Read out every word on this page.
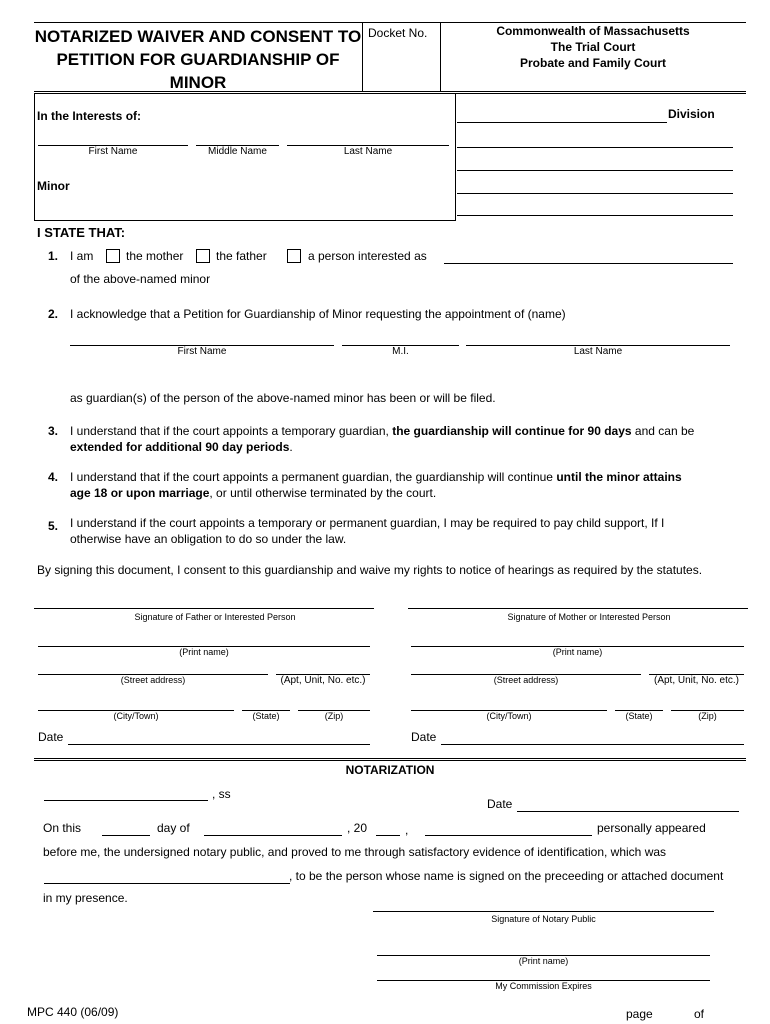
NOTARIZED WAIVER AND CONSENT TO PETITION FOR GUARDIANSHIP OF MINOR
Docket No.	Commonwealth of Massachusetts
The Trial Court
Probate and Family Court
In the Interests of:
First Name	Middle Name	Last Name
Minor
Division
I STATE THAT:
1. I am	the mother	the father	a person interested as
of the above-named minor
2. I acknowledge that a Petition for Guardianship of Minor requesting the appointment of (name)
First Name	M.I.	Last Name
as guardian(s) of the person of the above-named minor has been or will be filed.
3. I understand that if the court appoints a temporary guardian, the guardianship will continue for 90 days and can be
extended for additional 90 day periods.
4. I understand that if the court appoints a permanent guardian, the guardianship will continue until the minor attains
age 18 or upon marriage, or until otherwise terminated by the court.
5. I understand if the court appoints a temporary or permanent guardian, I may be required to pay child support, If I
otherwise have an obligation to do so under the law.
By signing this document, I consent to this guardianship and waive my rights to notice of hearings as required by the statutes.
Signature of Father or Interested Person
(Print name)
(Street address)	(Apt, Unit, No. etc.)
(City/Town)	(State)	(Zip)
Date
Signature of Mother or Interested Person
(Print name)
(Street address)	(Apt, Unit, No. etc.)
(City/Town)	(State)	(Zip)
Date
NOTARIZATION
, ss
Date
On this	day of	, 20	,	personally appeared
before me, the undersigned notary public, and proved to me through satisfactory evidence of identification, which was
, to be the person whose name is signed on the preceeding or attached document
in my presence.
Signature of Notary Public
(Print name)
My Commission Expires
MPC 440 (06/09)	page	of
